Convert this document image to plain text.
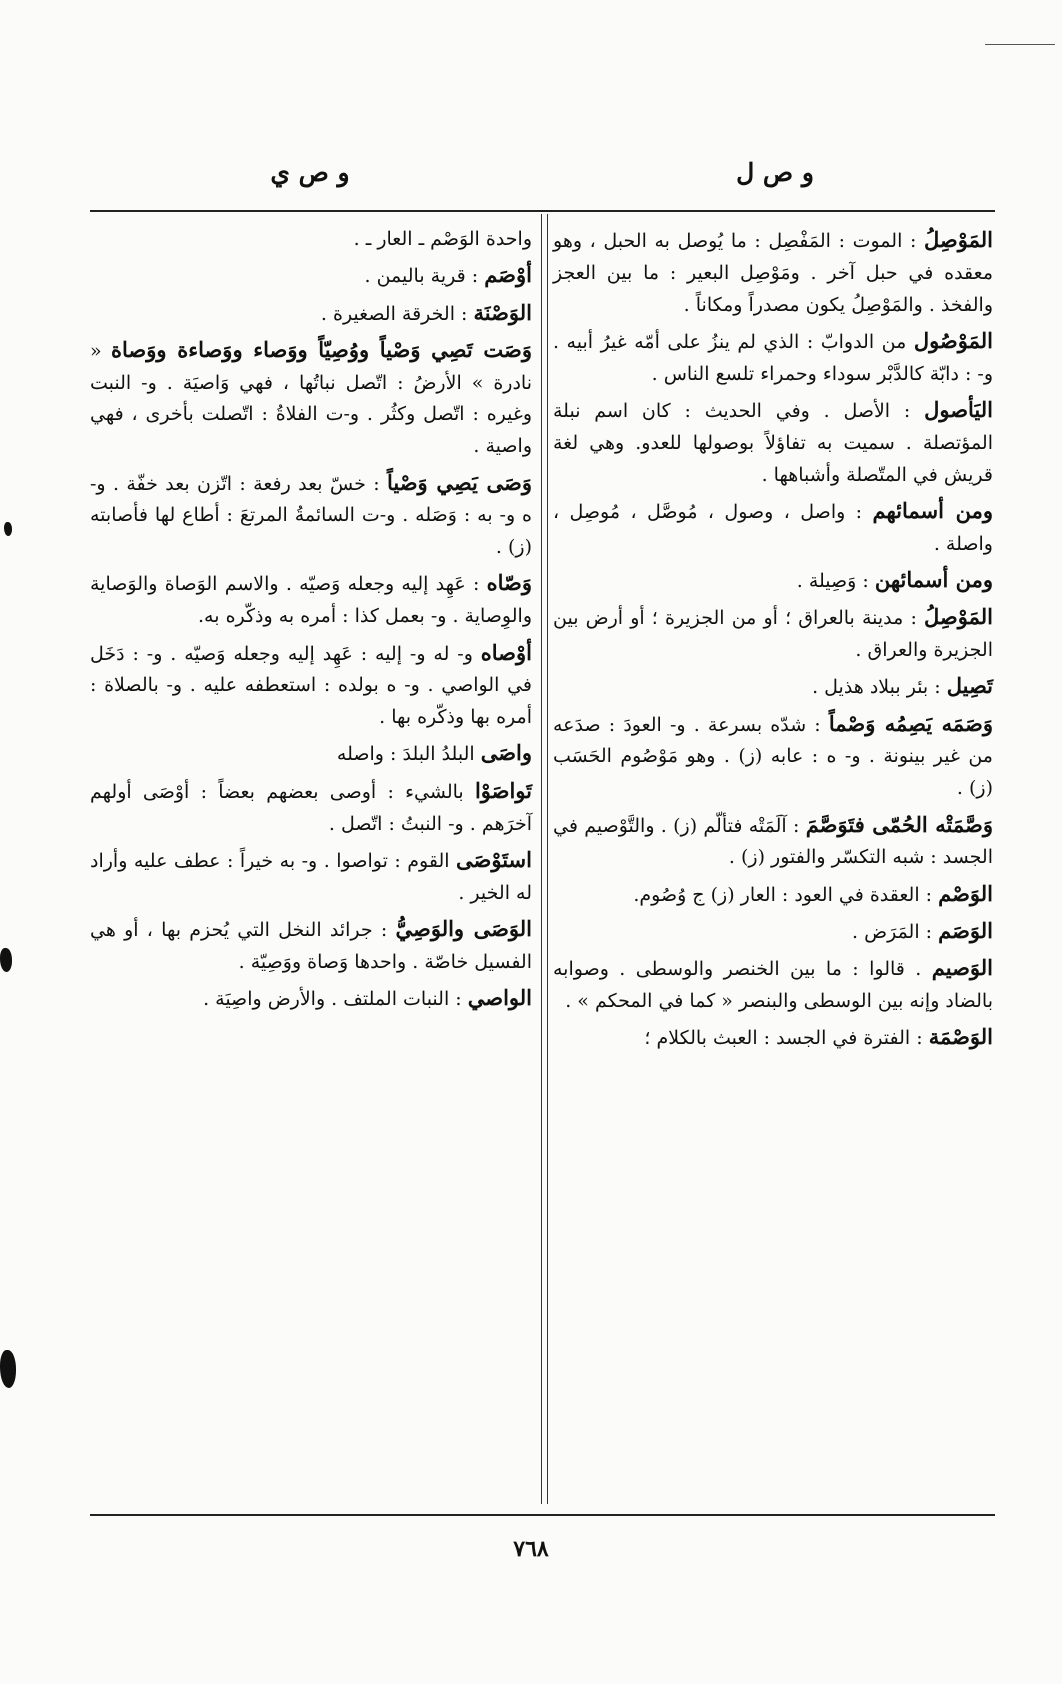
و ص ل
و ص ي
المَوْصِلُ : الموت : المَفْصِل : ما يُوصل به الحبل ، وهو معقده في حبل آخر . ومَوْصِل البعير : ما بين العجز والفخذ . والمَوْصِلُ يكون مصدراً ومكاناً .
المَوْصُول من الدوابّ : الذي لم ينزُ على أمّه غيرُ أبيه . و- : دابّة كالدَّبْر سوداء وحمراء تلسع الناس .
اليَأصول : الأصل . وفي الحديث : كان اسم نبلة المؤتصلة . سميت به تفاؤلاً بوصولها للعدو. وهي لغة قريش في المتّصلة وأشباهها .
ومن أسمائهم : واصل ، وصول ، مُوصَّل ، مُوصِل ، واصلة .
ومن أسمائهن : وَصِيلة .
المَوْصِلُ : مدينة بالعراق ؛ أو من الجزيرة ؛ أو أرض بين الجزيرة والعراق .
تَصِيل : بئر ببلاد هذيل .
وَصَمَه يَصِمُه وَصْماً : شدّه بسرعة . و- العودَ : صدَعه من غير بينونة . و- ه : عابه (ز) . وهو مَوْصُوم الحَسَب (ز) .
وَصَّمَتْه الحُمّى فتَوَصَّمَ : آلَمَتْه فتألّم (ز) . والتَّوْصيم في الجسد : شبه التكسّر والفتور (ز) .
الوَصْم : العقدة في العود : العار (ز) ج وُصُوم.
الوَصَم : المَرَض .
الوَصيم . قالوا : ما بين الخنصر والوسطى . وصوابه بالضاد وإنه بين الوسطى والبنصر « كما في المحكم » .
الوَصْمَة : الفترة في الجسد : العبث بالكلام ؛
واحدة الوَصْم ـ العار ـ .
أوْصَم : قرية باليمن .
الوَصْنَة : الخرقة الصغيرة .
وَصَت تَصِي وَصْياً ووُصِيّاً ووَصاء ووَصاءة ووَصاة « نادرة » الأرضُ : اتّصل نباتُها ، فهي وَاصيَة . و- النبت وغيره : اتّصل وكثُر . و-ت الفلاةُ : اتّصلت بأخرى ، فهي واصية .
وَصَى يَصِي وَصْياً : خسّ بعد رفعة : اتّزن بعد خفّة . و- ه و- به : وَصَله . و-ت السائمةُ المرتعَ : أطاع لها فأصابته (ز) .
وَصّاه : عَهِد إليه وجعله وَصيّه . والاسم الوَصاة والوَصاية والوِصاية . و- بعمل كذا : أمره به وذكّره به.
أوْصاه و- له و- إليه : عَهِد إليه وجعله وَصيّه . و- : دَخَل في الواصي . و- ه بولده : استعطفه عليه . و- بالصلاة : أمره بها وذكّره بها .
واصَى البلدُ البلدَ : واصله
تَواصَوْا بالشيء : أوصى بعضهم بعضاً : أوْصَى أولهم آخرَهم . و- النبتُ : اتّصل .
استَوْصَى القوم : تواصوا . و- به خيراً : عطف عليه وأراد له الخير .
الوَصَى والوَصِيُّ : جرائد النخل التي يُحزم بها ، أو هي الفسيل خاصّة . واحدها وَصاة ووَصِيّة .
الواصي : النبات الملتف . والأرض واصِيَة .
٧٦٨
